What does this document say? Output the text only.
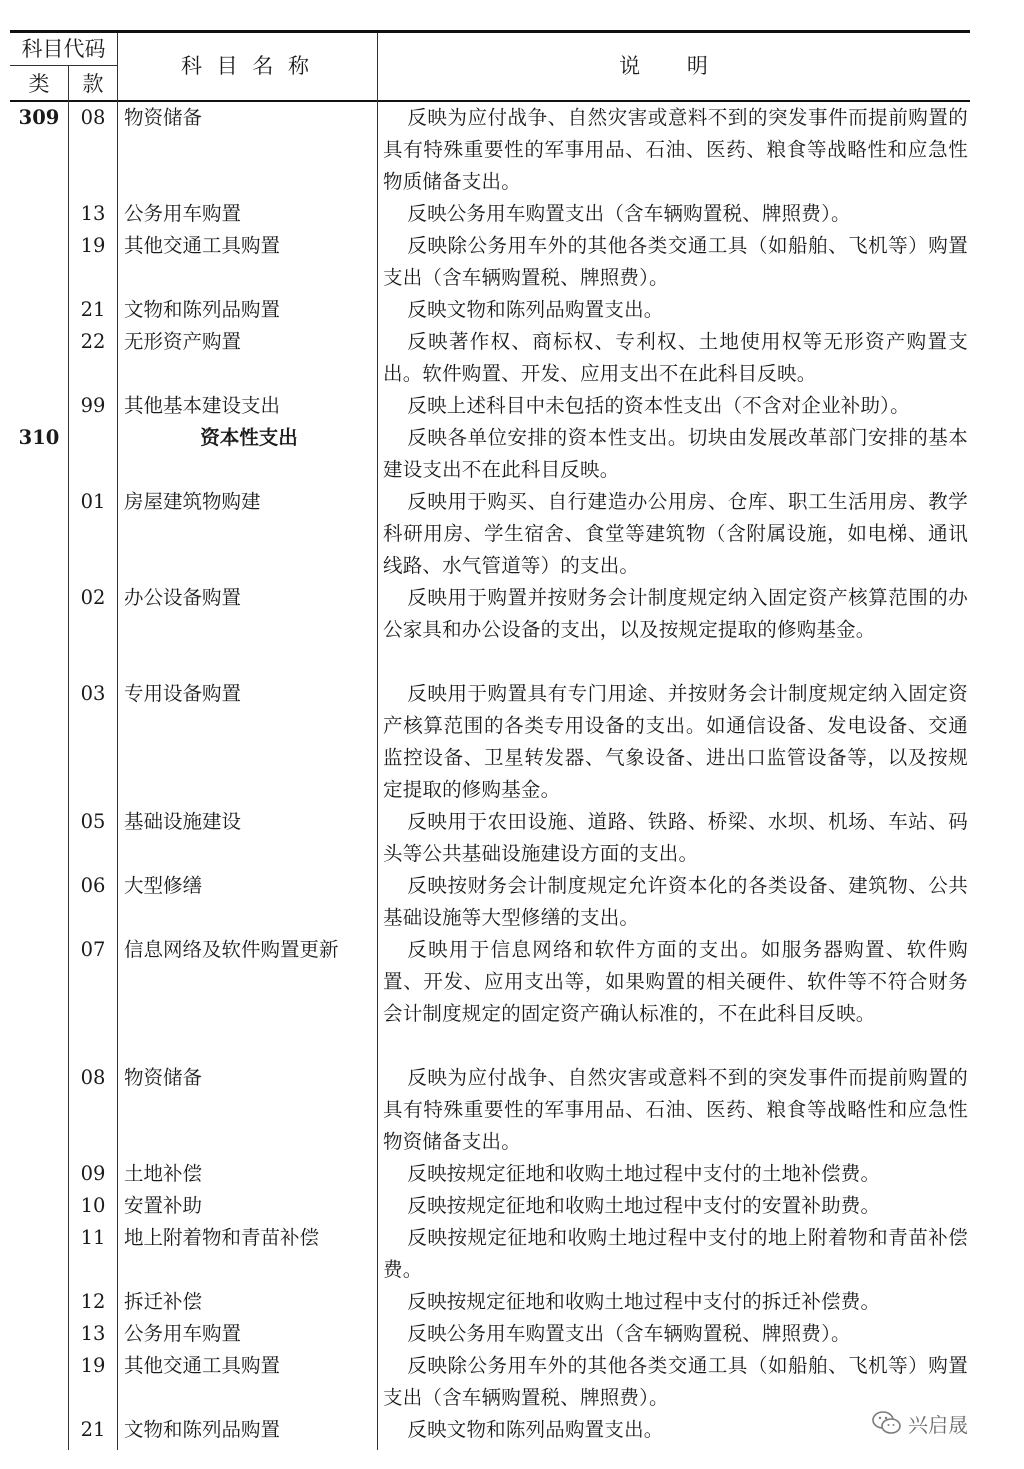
科目代码
类	款
科 目 名 称	说 明
309	08 物资储备	反映为应付战争、自然灾害或意料不到的突发事件而提前购置的具有特殊重要性的军事用品、石油、医药、粮食等战略性和应急性物质储备支出。
13 公务用车购置	反映公务用车购置支出（含车辆购置税、牌照费）。
19 其他交通工具购置	反映除公务用车外的其他各类交通工具（如船舶、飞机等）购置支出（含车辆购置税、牌照费）。
21 文物和陈列品购置	反映文物和陈列品购置支出。
22 无形资产购置	反映著作权、商标权、专利权、土地使用权等无形资产购置支出。软件购置、开发、应用支出不在此科目反映。
99 其他基本建设支出	反映上述科目中未包括的资本性支出（不含对企业补助）。
310	资本性支出	反映各单位安排的资本性支出。切块由发展改革部门安排的基本建设支出不在此科目反映。
01 房屋建筑物购建	反映用于购买、自行建造办公用房、仓库、职工生活用房、教学科研用房、学生宿舍、食堂等建筑物（含附属设施，如电梯、通讯线路、水气管道等）的支出。
02 办公设备购置	反映用于购置并按财务会计制度规定纳入固定资产核算范围的办公家具和办公设备的支出，以及按规定提取的修购基金。
03 专用设备购置	反映用于购置具有专门用途、并按财务会计制度规定纳入固定资产核算范围的各类专用设备的支出。如通信设备、发电设备、交通监控设备、卫星转发器、气象设备、进出口监管设备等，以及按规定提取的修购基金。
05 基础设施建设	反映用于农田设施、道路、铁路、桥梁、水坝、机场、车站、码头等公共基础设施建设方面的支出。
06 大型修缮	反映按财务会计制度规定允许资本化的各类设备、建筑物、公共基础设施等大型修缮的支出。
07 信息网络及软件购置更新	反映用于信息网络和软件方面的支出。如服务器购置、软件购置、开发、应用支出等，如果购置的相关硬件、软件等不符合财务会计制度规定的固定资产确认标准的，不在此科目反映。
08 物资储备	反映为应付战争、自然灾害或意料不到的突发事件而提前购置的具有特殊重要性的军事用品、石油、医药、粮食等战略性和应急性物资储备支出。
09 土地补偿	反映按规定征地和收购土地过程中支付的土地补偿费。
10 安置补助	反映按规定征地和收购土地过程中支付的安置补助费。
11 地上附着物和青苗补偿	反映按规定征地和收购土地过程中支付的地上附着物和青苗补偿费。
12 拆迁补偿	反映按规定征地和收购土地过程中支付的拆迁补偿费。
13 公务用车购置	反映公务用车购置支出（含车辆购置税、牌照费）。
19 其他交通工具购置	反映除公务用车外的其他各类交通工具（如船舶、飞机等）购置支出（含车辆购置税、牌照费）。
21 文物和陈列品购置	反映文物和陈列品购置支出。	兴启晟
